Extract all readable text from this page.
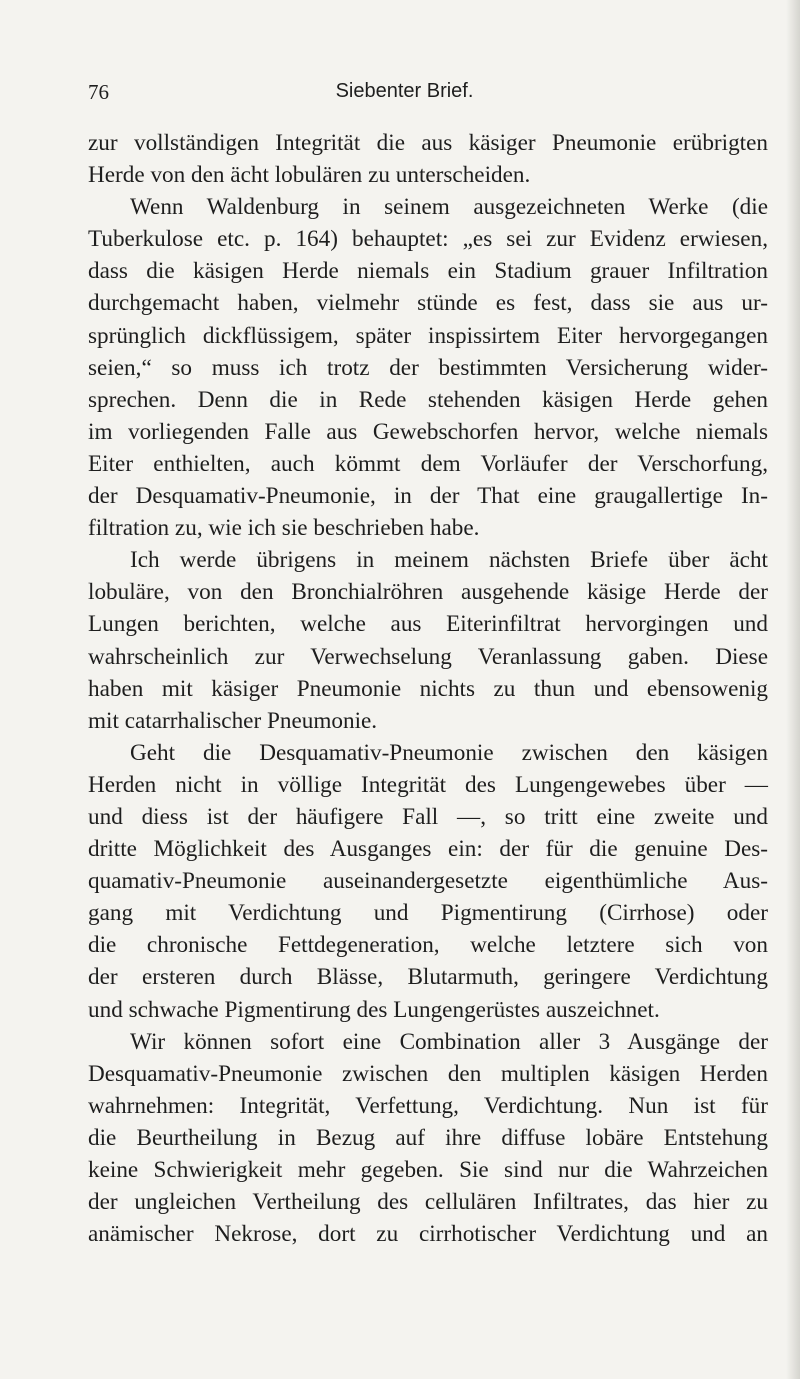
76	Siebenter Brief.
zur vollständigen Integrität die aus käsiger Pneumonie erübrigten
Herde von den ächt lobulären zu unterscheiden.
Wenn Waldenburg in seinem ausgezeichneten Werke (die
Tuberkulose etc. p. 164) behauptet: „es sei zur Evidenz erwiesen,
dass die käsigen Herde niemals ein Stadium grauer Infiltration
durchgemacht haben, vielmehr stünde es fest, dass sie aus ur-
sprünglich dickflüssigem, später inspissirtem Eiter hervorgegangen
seien,“ so muss ich trotz der bestimmten Versicherung wider-
sprechen. Denn die in Rede stehenden käsigen Herde gehen
im vorliegenden Falle aus Gewebschorfen hervor, welche niemals
Eiter enthielten, auch kömmt dem Vorläufer der Verschorfung,
der Desquamativ-Pneumonie, in der That eine graugallertige In-
filtration zu, wie ich sie beschrieben habe.
Ich werde übrigens in meinem nächsten Briefe über ächt
lobuläre, von den Bronchialröhren ausgehende käsige Herde der
Lungen berichten, welche aus Eiterinfiltrat hervorgingen und
wahrscheinlich zur Verwechselung Veranlassung gaben. Diese
haben mit käsiger Pneumonie nichts zu thun und ebensowenig
mit catarrhalischer Pneumonie.
Geht die Desquamativ-Pneumonie zwischen den käsigen
Herden nicht in völlige Integrität des Lungengewebes über —
und diess ist der häufigere Fall —, so tritt eine zweite und
dritte Möglichkeit des Ausganges ein: der für die genuine Des-
quamativ-Pneumonie auseinandergesetzte eigenthümliche Aus-
gang mit Verdichtung und Pigmentirung (Cirrhose) oder
die chronische Fettdegeneration, welche letztere sich von
der ersteren durch Blässe, Blutarmuth, geringere Verdichtung
und schwache Pigmentirung des Lungengerüstes auszeichnet.
Wir können sofort eine Combination aller 3 Ausgänge der
Desquamativ-Pneumonie zwischen den multiplen käsigen Herden
wahrnehmen: Integrität, Verfettung, Verdichtung. Nun ist für
die Beurtheilung in Bezug auf ihre diffuse lobäre Entstehung
keine Schwierigkeit mehr gegeben. Sie sind nur die Wahrzeichen
der ungleichen Vertheilung des cellulären Infiltrates, das hier zu
anämischer Nekrose, dort zu cirrhotischer Verdichtung und an
